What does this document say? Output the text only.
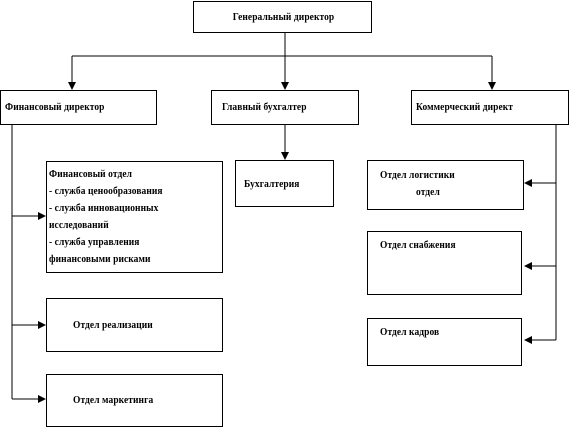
Генеральный директор
Финансовый директор	Главный бухгалтер	Коммерческий директ
Финансовый отдел
- служба ценообразования
- служба инновационных
исследований
- служба управления
финансовыми рисками
Отдел реализации
Отдел маркетинга
Бухгалтерия
Отдел логистики
отдел
Отдел снабжения
Отдел кадров
